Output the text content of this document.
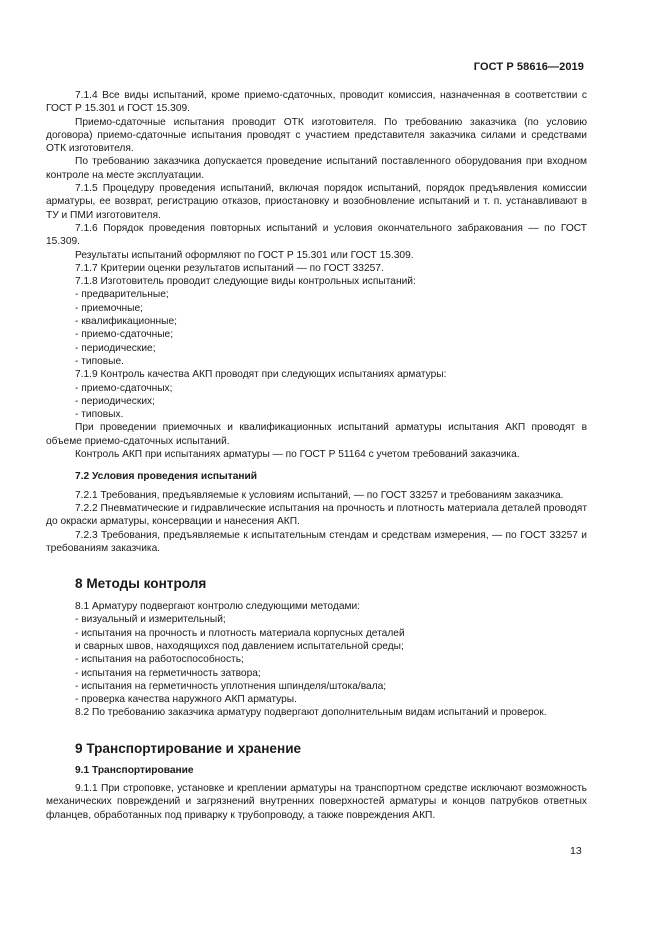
ГОСТ Р 58616—2019

7.1.4 Все виды испытаний, кроме приемо-сдаточных, проводит комиссия, назначенная в соответствии с ГОСТ Р 15.301 и ГОСТ 15.309.

Приемо-сдаточные испытания проводит ОТК изготовителя. По требованию заказчика (по условию договора) приемо-сдаточные испытания проводят с участием представителя заказчика силами и средствами ОТК изготовителя.

По требованию заказчика допускается проведение испытаний поставленного оборудования при входном контроле на месте эксплуатации.

7.1.5 Процедуру проведения испытаний, включая порядок испытаний, порядок предъявления комиссии арматуры, ее возврат, регистрацию отказов, приостановку и возобновление испытаний и т. п. устанавливают в ТУ и ПМИ изготовителя.

7.1.6 Порядок проведения повторных испытаний и условия окончательного забракования — по ГОСТ 15.309.

Результаты испытаний оформляют по ГОСТ Р 15.301 или ГОСТ 15.309.

7.1.7 Критерии оценки результатов испытаний — по ГОСТ 33257.

7.1.8 Изготовитель проводит следующие виды контрольных испытаний:

- предварительные;

- приемочные;

- квалификационные;

- приемо-сдаточные;

- периодические;

- типовые.

7.1.9 Контроль качества АКП проводят при следующих испытаниях арматуры:

- приемо-сдаточных;

- периодических;

- типовых.

При проведении приемочных и квалификационных испытаний арматуры испытания АКП проводят в объеме приемо-сдаточных испытаний.

Контроль АКП при испытаниях арматуры — по ГОСТ Р 51164 с учетом требований заказчика.

7.2 Условия проведения испытаний

7.2.1 Требования, предъявляемые к условиям испытаний, — по ГОСТ 33257 и требованиям заказчика.

7.2.2 Пневматические и гидравлические испытания на прочность и плотность материала деталей проводят до окраски арматуры, консервации и нанесения АКП.

7.2.3 Требования, предъявляемые к испытательным стендам и средствам измерения, — по ГОСТ 33257 и требованиям заказчика.

8 Методы контроля

8.1 Арматуру подвергают контролю следующими методами:

- визуальный и измерительный;

- испытания на прочность и плотность материала корпусных деталей

и сварных швов, находящихся под давлением испытательной среды;

- испытания на работоспособность;

- испытания на герметичность затвора;

- испытания на герметичность уплотнения шпинделя/штока/вала;

- проверка качества наружного АКП арматуры.

8.2 По требованию заказчика арматуру подвергают дополнительным видам испытаний и проверок.

9 Транспортирование и хранение

9.1 Транспортирование

9.1.1 При строповке, установке и креплении арматуры на транспортном средстве исключают возможность механических повреждений и загрязнений внутренних поверхностей арматуры и концов патрубков ответных фланцев, обработанных под приварку к трубопроводу, а также повреждения АКП.

13
